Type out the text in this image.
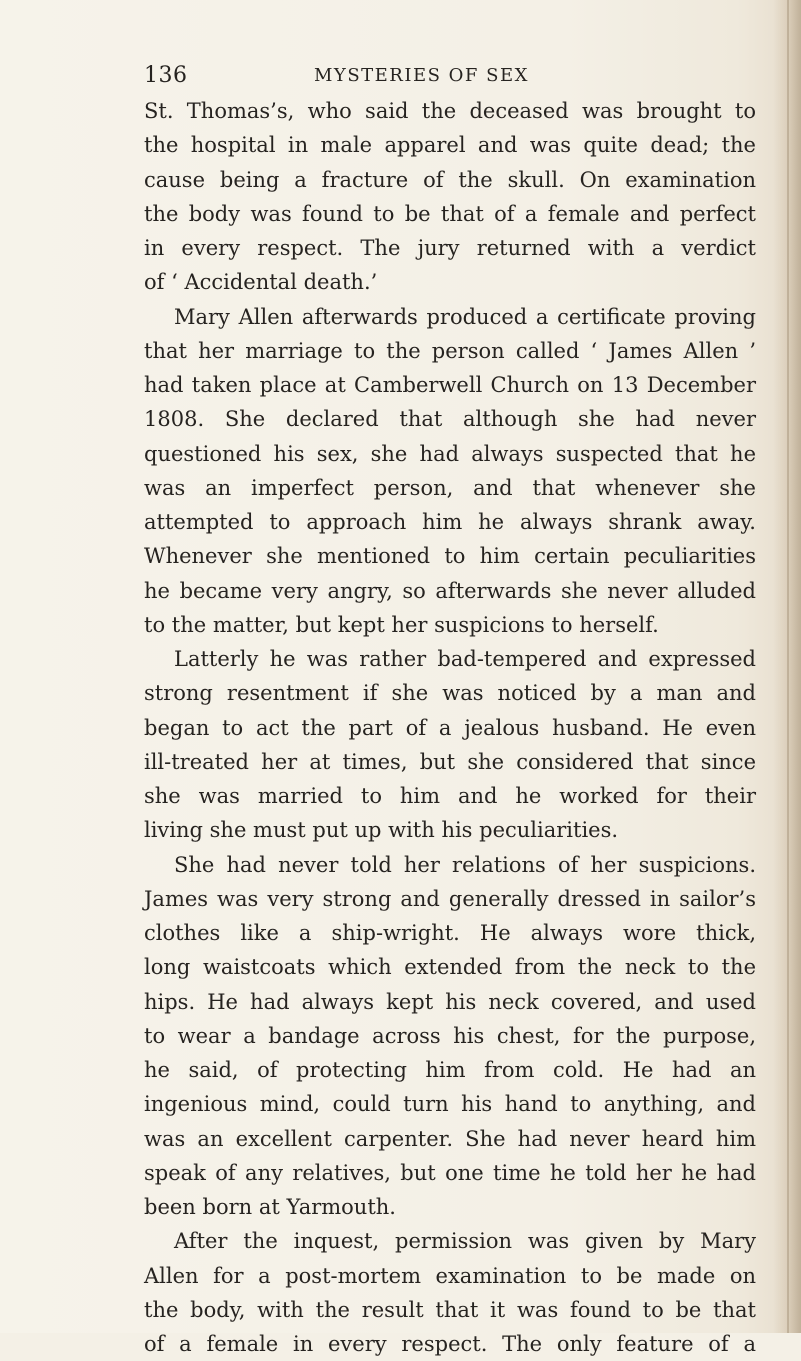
136	MYSTERIES OF SEX
St. Thomas’s, who said the deceased was brought to
the hospital in male apparel and was quite dead; the
cause being a fracture of the skull. On examination
the body was found to be that of a female and perfect
in every respect. The jury returned with a verdict
of ‘ Accidental death.’
Mary Allen afterwards produced a certificate proving
that her marriage to the person called ‘ James Allen ’
had taken place at Camberwell Church on 13 December
1808. She declared that although she had never
questioned his sex, she had always suspected that he
was an imperfect person, and that whenever she
attempted to approach him he always shrank away.
Whenever she mentioned to him certain peculiarities
he became very angry, so afterwards she never alluded
to the matter, but kept her suspicions to herself.
Latterly he was rather bad-tempered and expressed
strong resentment if she was noticed by a man and
began to act the part of a jealous husband. He even
ill-treated her at times, but she considered that since
she was married to him and he worked for their
living she must put up with his peculiarities.
She had never told her relations of her suspicions.
James was very strong and generally dressed in sailor’s
clothes like a ship-wright. He always wore thick,
long waistcoats which extended from the neck to the
hips. He had always kept his neck covered, and used
to wear a bandage across his chest, for the purpose,
he said, of protecting him from cold. He had an
ingenious mind, could turn his hand to anything, and
was an excellent carpenter. She had never heard him
speak of any relatives, but one time he told her he had
been born at Yarmouth.
After the inquest, permission was given by Mary
Allen for a post-mortem examination to be made on
the body, with the result that it was found to be that
of a female in every respect. The only feature of a
